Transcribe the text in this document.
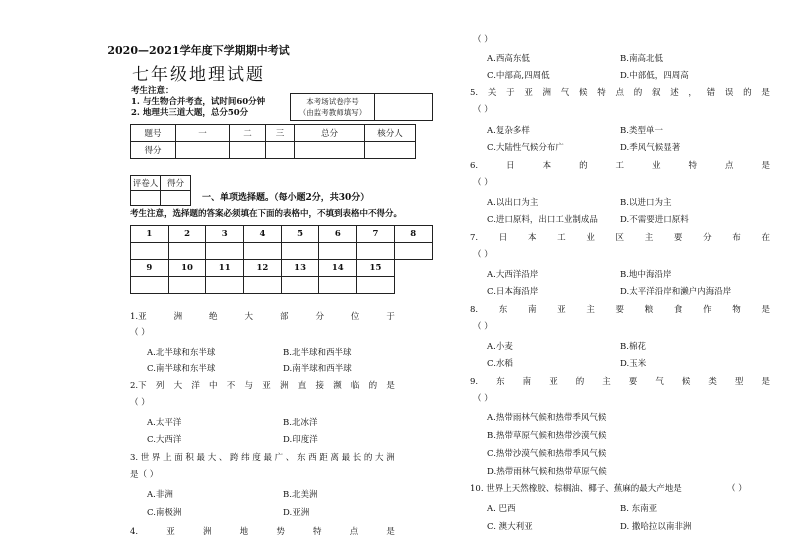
2020—2021学年度下学期期中考试
七年级地理试题
考生注意：
1. 与生物合并考查，试时间60分钟
2. 地理共三道大题，总分50分
本考场试卷序号
（由监考教师填写）
题号	一	二	三	总分	核分人
得分					
评卷人	得分

一、单项选择题。（每小题2分，共30分）
考生注意，选择题的答案必须填在下面的表格中，不填到表格中不得分。
1	2	3	4	5	6	7	8

9	10	11	12	13	14	15	

1.亚	洲	绝	大	部	分	位	于
（ ）
A.北半球和东半球	B.北半球和西半球
C.南半球和东半球	D.南半球和西半球
2.下 列 大 洋 中 不 与 亚 洲 直 接 濒 临 的 是
（ ）
A.太平洋	B.北冰洋
C.大西洋	D.印度洋
3. 世 界 上 面 积 最 大 、 跨 纬 度 最 广 、 东 西 距 离 最 长 的 大 洲
是（ ）
A.非洲	B.北美洲
C.南极洲	D.亚洲
4.	亚	洲	地	势	特	点	是
（ ）
A.西高东低	B.南高北低
C.中部高,四周低	D.中部低，四周高
5. 关 于 亚 洲 气 候 特 点 的 叙 述 ， 错 误 的 是
（ ）
A.复杂多样	B.类型单一
C.大陆性气候分布广	D.季风气候显著
6.	日	本	的	工	业	特	点	是
（ ）
A.以出口为主	B.以进口为主
C.进口原料，出口工业制成品	D.不需要进口原料
7. 日 本 工 业 区 主 要 分 布 在
（ ）
A.大西洋沿岸	B.地中海沿岸
C.日本海沿岸	D.太平洋沿岸和濑户内海沿岸
8. 东 南 亚 主 要 粮 食 作 物 是
（ ）
A.小麦	B.棉花
C.水稻	D.玉米
9. 东 南 亚 的 主 要 气 候 类 型 是
（ ）
A.热带雨林气候和热带季风气候
B.热带草原气候和热带沙漠气候
C.热带沙漠气候和热带季风气候
D.热带雨林气候和热带草原气候
10. 世界上天然橡胶、棕榈油、椰子、蕉麻的最大产地是	（ ）
A. 巴西	B. 东南亚
C. 澳大利亚	D. 撒哈拉以南非洲
